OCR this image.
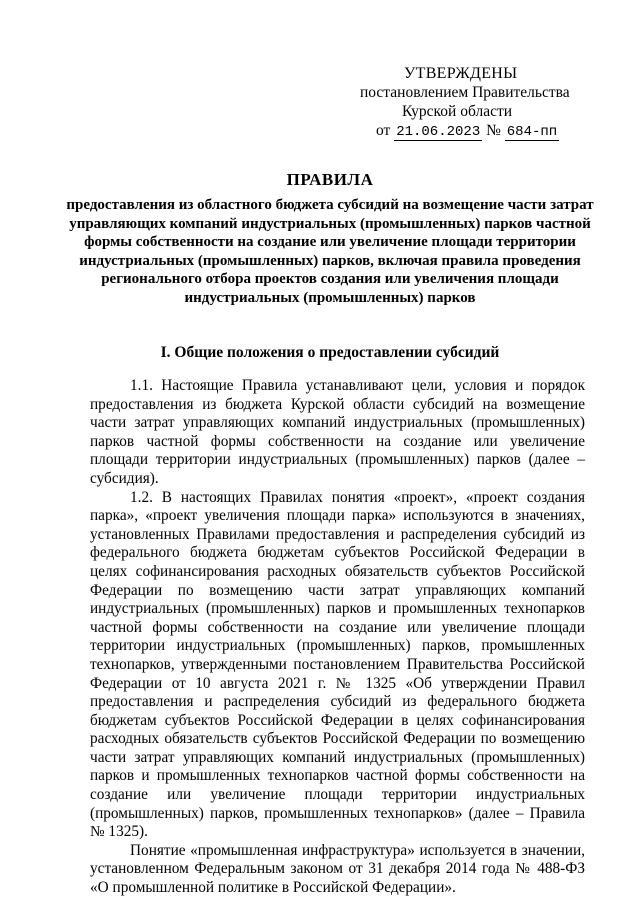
УТВЕРЖДЕНЫ
постановлением Правительства
Курской области
от 21.06.2023 № 684-пп
ПРАВИЛА
предоставления из областного бюджета субсидий на возмещение части затрат управляющих компаний индустриальных (промышленных) парков частной формы собственности на создание или увеличение площади территории индустриальных (промышленных) парков, включая правила проведения регионального отбора проектов создания или увеличения площади индустриальных (промышленных) парков
I. Общие положения о предоставлении субсидий

1.1. Настоящие Правила устанавливают цели, условия и порядок предоставления из бюджета Курской области субсидий на возмещение части затрат управляющих компаний индустриальных (промышленных) парков частной формы собственности на создание или увеличение площади территории индустриальных (промышленных) парков (далее – субсидия).

1.2. В настоящих Правилах понятия «проект», «проект создания парка», «проект увеличения площади парка» используются в значениях, установленных Правилами предоставления и распределения субсидий из федерального бюджета бюджетам субъектов Российской Федерации в целях софинансирования расходных обязательств субъектов Российской Федерации по возмещению части затрат управляющих компаний индустриальных (промышленных) парков и промышленных технопарков частной формы собственности на создание или увеличение площади территории индустриальных (промышленных) парков, промышленных технопарков, утвержденными постановлением Правительства Российской Федерации от 10 августа 2021 г. № 1325 «Об утверждении Правил предоставления и распределения субсидий из федерального бюджета бюджетам субъектов Российской Федерации в целях софинансирования расходных обязательств субъектов Российской Федерации по возмещению части затрат управляющих компаний индустриальных (промышленных) парков и промышленных технопарков частной формы собственности на создание или увеличение площади территории индустриальных (промышленных) парков, промышленных технопарков» (далее – Правила № 1325).

Понятие «промышленная инфраструктура» используется в значении, установленном Федеральным законом от 31 декабря 2014 года № 488-ФЗ «О промышленной политике в Российской Федерации».
